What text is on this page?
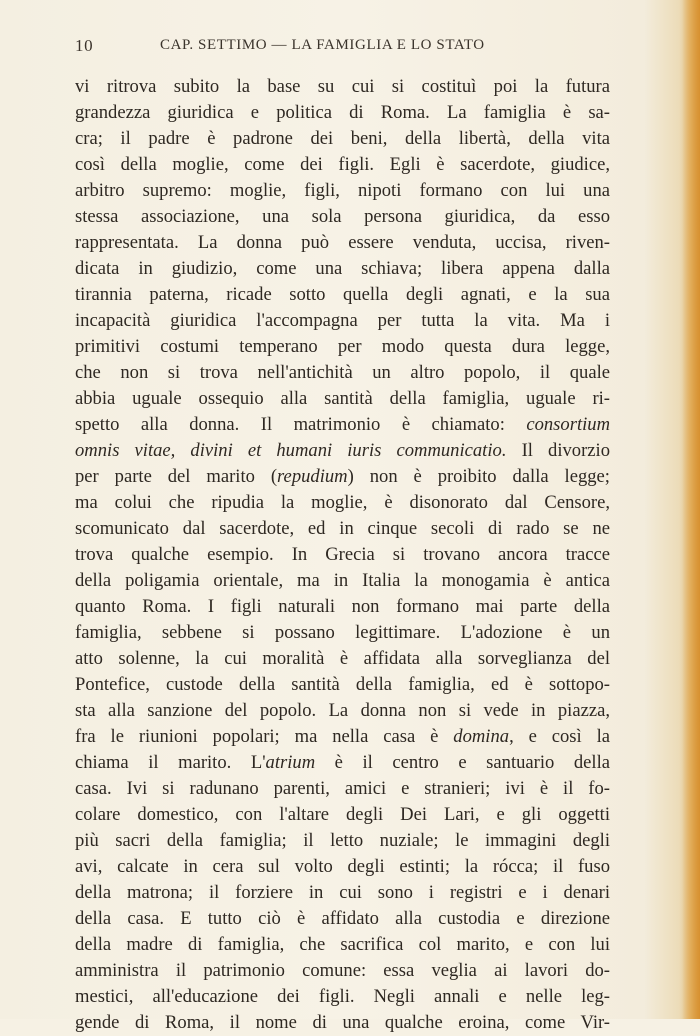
10	CAP. SETTIMO — LA FAMIGLIA E LO STATO
vi ritrova subito la base su cui si costituì poi la futura
grandezza giuridica e politica di Roma. La famiglia è sa-
cra; il padre è padrone dei beni, della libertà, della vita
così della moglie, come dei figli. Egli è sacerdote, giudice,
arbitro supremo: moglie, figli, nipoti formano con lui una
stessa associazione, una sola persona giuridica, da esso
rappresentata. La donna può essere venduta, uccisa, riven-
dicata in giudizio, come una schiava; libera appena dalla
tirannia paterna, ricade sotto quella degli agnati, e la sua
incapacità giuridica l'accompagna per tutta la vita. Ma i
primitivi costumi temperano per modo questa dura legge,
che non si trova nell'antichità un altro popolo, il quale
abbia uguale ossequio alla santità della famiglia, uguale ri-
spetto alla donna. Il matrimonio è chiamato: consortium
omnis vitae, divini et humani iuris communicatio. Il divorzio
per parte del marito (repudium) non è proibito dalla legge;
ma colui che ripudia la moglie, è disonorato dal Censore,
scomunicato dal sacerdote, ed in cinque secoli di rado se ne
trova qualche esempio. In Grecia si trovano ancora tracce
della poligamia orientale, ma in Italia la monogamia è antica
quanto Roma. I figli naturali non formano mai parte della
famiglia, sebbene si possano legittimare. L'adozione è un
atto solenne, la cui moralità è affidata alla sorveglianza del
Pontefice, custode della santità della famiglia, ed è sottopo-
sta alla sanzione del popolo. La donna non si vede in piazza,
fra le riunioni popolari; ma nella casa è domina, e così la
chiama il marito. L'atrium è il centro e santuario della
casa. Ivi si radunano parenti, amici e stranieri; ivi è il fo-
colare domestico, con l'altare degli Dei Lari, e gli oggetti
più sacri della famiglia; il letto nuziale; le immagini degli
avi, calcate in cera sul volto degli estinti; la rócca; il fuso
della matrona; il forziere in cui sono i registri e i denari
della casa. E tutto ciò è affidato alla custodia e direzione
della madre di famiglia, che sacrifica col marito, e con lui
amministra il patrimonio comune: essa veglia ai lavori do-
mestici, all'educazione dei figli. Negli annali e nelle leg-
gende di Roma, il nome di una qualche eroina, come Vir-
